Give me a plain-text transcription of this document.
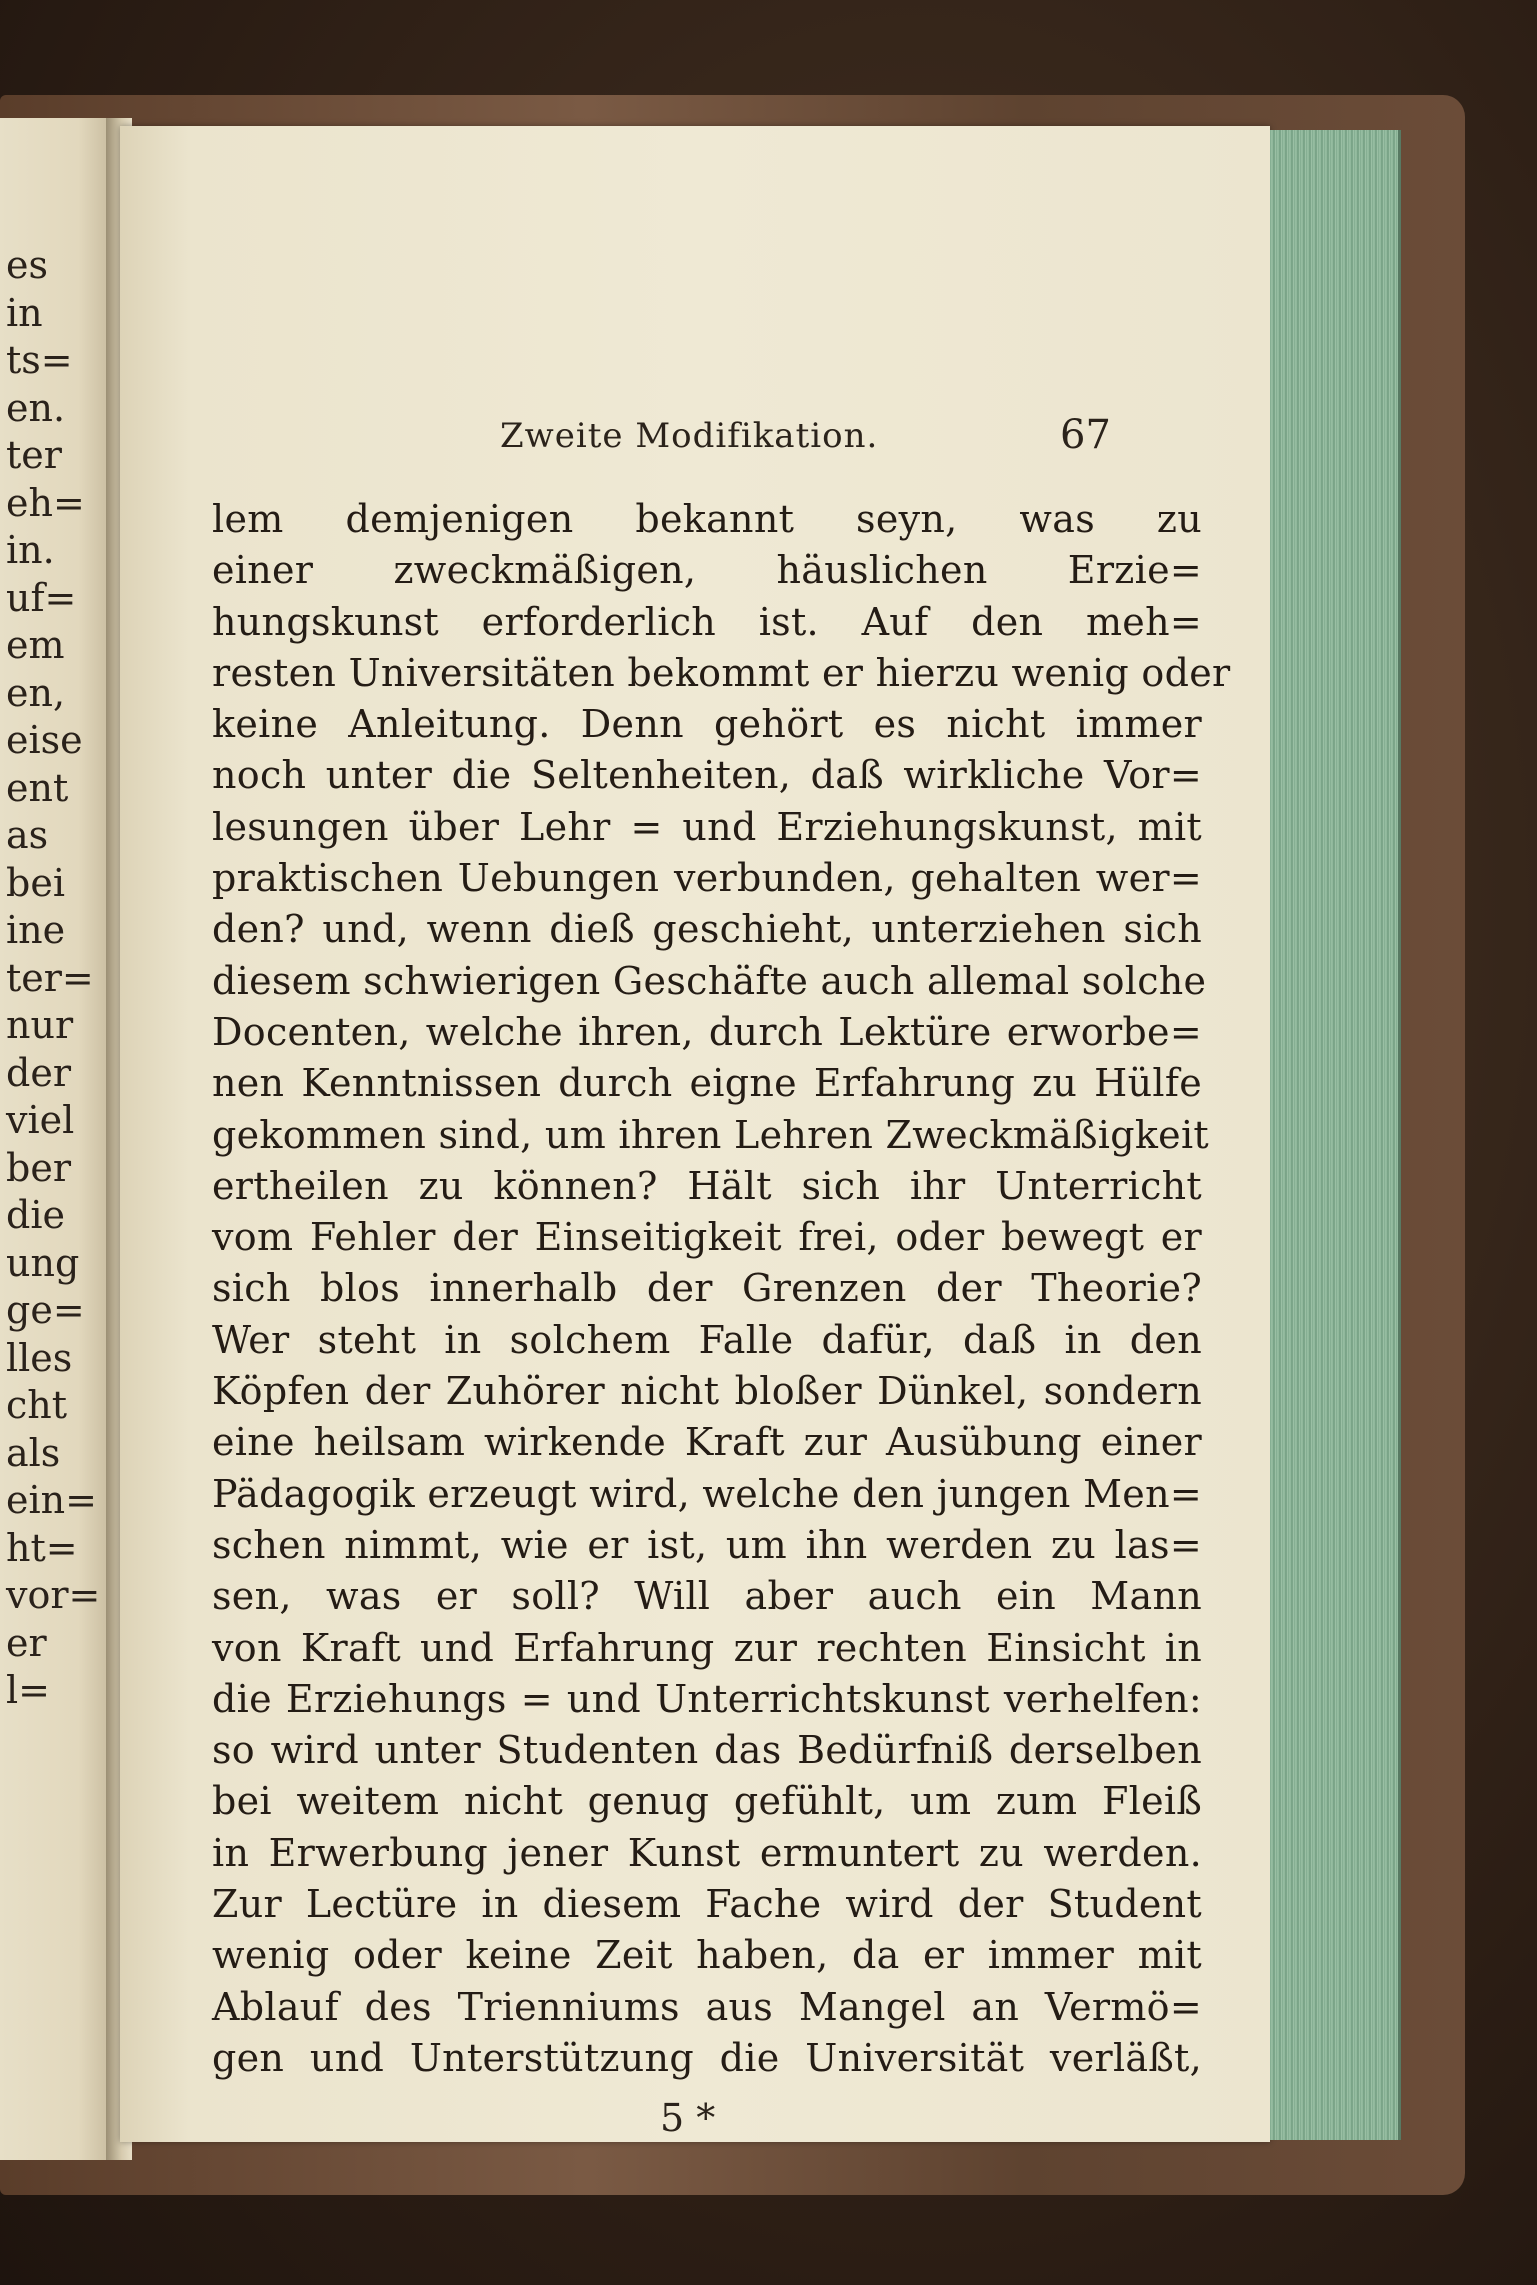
es
in
ts=
en.
ter
eh=
in.
uf=
em
en,
eise
ent
as
bei
ine
ter=
nur
der
viel
ber
die
ung
ge=
lles
cht
als
ein=
ht=
vor=
er
l=
Zweite Modifikation.	67
lem demjenigen bekannt seyn, was zu
einer zweckmäßigen, häuslichen Erzie=
hungskunst erforderlich ist. Auf den meh=
resten Universitäten bekommt er hierzu wenig oder
keine Anleitung. Denn gehört es nicht immer
noch unter die Seltenheiten, daß wirkliche Vor=
lesungen über Lehr = und Erziehungskunst, mit
praktischen Uebungen verbunden, gehalten wer=
den? und, wenn dieß geschieht, unterziehen sich
diesem schwierigen Geschäfte auch allemal solche
Docenten, welche ihren, durch Lektüre erworbe=
nen Kenntnissen durch eigne Erfahrung zu Hülfe
gekommen sind, um ihren Lehren Zweckmäßigkeit
ertheilen zu können? Hält sich ihr Unterricht
vom Fehler der Einseitigkeit frei, oder bewegt er
sich blos innerhalb der Grenzen der Theorie?
Wer steht in solchem Falle dafür, daß in den
Köpfen der Zuhörer nicht bloßer Dünkel, sondern
eine heilsam wirkende Kraft zur Ausübung einer
Pädagogik erzeugt wird, welche den jungen Men=
schen nimmt, wie er ist, um ihn werden zu las=
sen, was er soll? Will aber auch ein Mann
von Kraft und Erfahrung zur rechten Einsicht in
die Erziehungs = und Unterrichtskunst verhelfen:
so wird unter Studenten das Bedürfniß derselben
bei weitem nicht genug gefühlt, um zum Fleiß
in Erwerbung jener Kunst ermuntert zu werden.
Zur Lectüre in diesem Fache wird der Student
wenig oder keine Zeit haben, da er immer mit
Ablauf des Trienniums aus Mangel an Vermö=
gen und Unterstützung die Universität verläßt,
5 *
